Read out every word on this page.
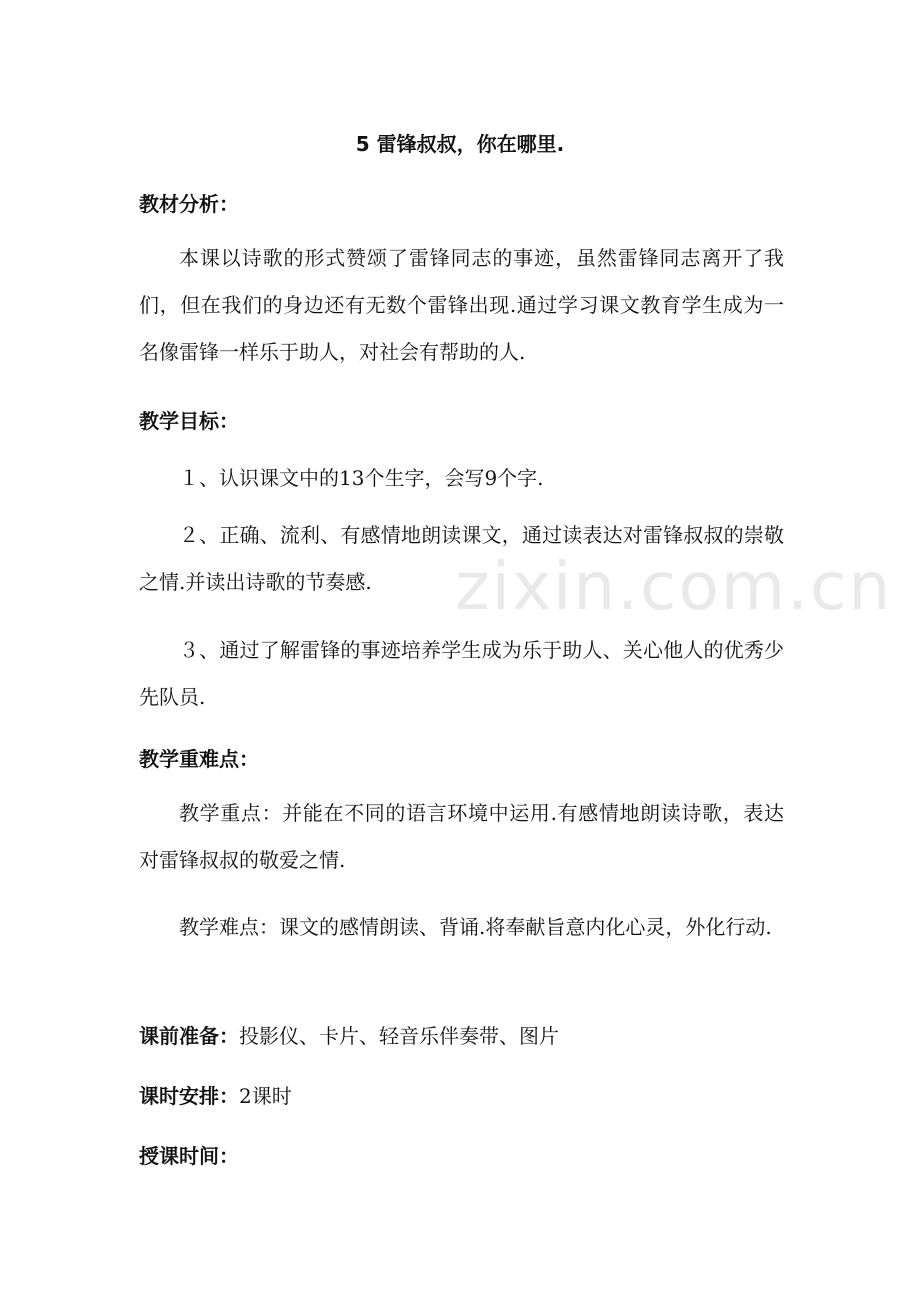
zixin.com.cn
5 雷锋叔叔，你在哪里.
教材分析：
本课以诗歌的形式赞颂了雷锋同志的事迹，虽然雷锋同志离开了我们，但在我们的身边还有无数个雷锋出现.通过学习课文教育学生成为一名像雷锋一样乐于助人，对社会有帮助的人.
教学目标：
１、认识课文中的13个生字，会写9个字.
２、正确、流利、有感情地朗读课文，通过读表达对雷锋叔叔的崇敬之情.并读出诗歌的节奏感.
３、通过了解雷锋的事迹培养学生成为乐于助人、关心他人的优秀少先队员.
教学重难点：
教学重点：并能在不同的语言环境中运用.有感情地朗读诗歌，表达对雷锋叔叔的敬爱之情.
教学难点：课文的感情朗读、背诵.将奉献旨意内化心灵，外化行动.
课前准备：投影仪、卡片、轻音乐伴奏带、图片
课时安排：2课时
授课时间：
